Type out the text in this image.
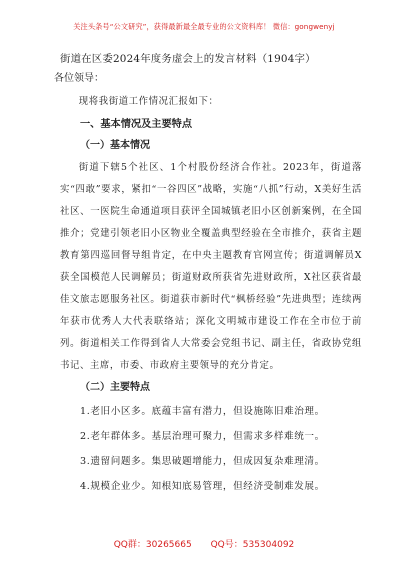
关注头条号“公文研究”，获得最新最全最专业的公文资料库！ 微信：gongwenyj
街道在区委2024年度务虚会上的发言材料（1904字）
各位领导：
现将我街道工作情况汇报如下：
一、基本情况及主要特点
（一）基本情况
街道下辖5个社区、1个村股份经济合作社。2023年，街道落实“四敢”要求，紧扣“一谷四区”战略，实施“八抓”行动，X美好生活社区、一医院生命通道项目获评全国城镇老旧小区创新案例，在全国推介；党建引领老旧小区物业全覆盖典型经验在全市推介，获省主题教育第四巡回督导组肯定，在中央主题教育官网宣传；街道调解员X获全国模范人民调解员；街道财政所获省先进财政所，X社区获省最佳文旅志愿服务社区。街道获市新时代“枫桥经验”先进典型；连续两年获市优秀人大代表联络站；深化文明城市建设工作在全市位于前列。街道相关工作得到省人大常委会党组书记、副主任，省政协党组书记、主席，市委、市政府主要领导的充分肯定。
（二）主要特点
1.老旧小区多。底蕴丰富有潜力，但设施陈旧难治理。
2.老年群体多。基层治理可聚力，但需求多样难统一。
3.遗留问题多。集思破题增能力，但成因复杂难理清。
4.规模企业少。知根知底易管理，但经济受制难发展。
QQ群：30265665 QQ号：535304092
